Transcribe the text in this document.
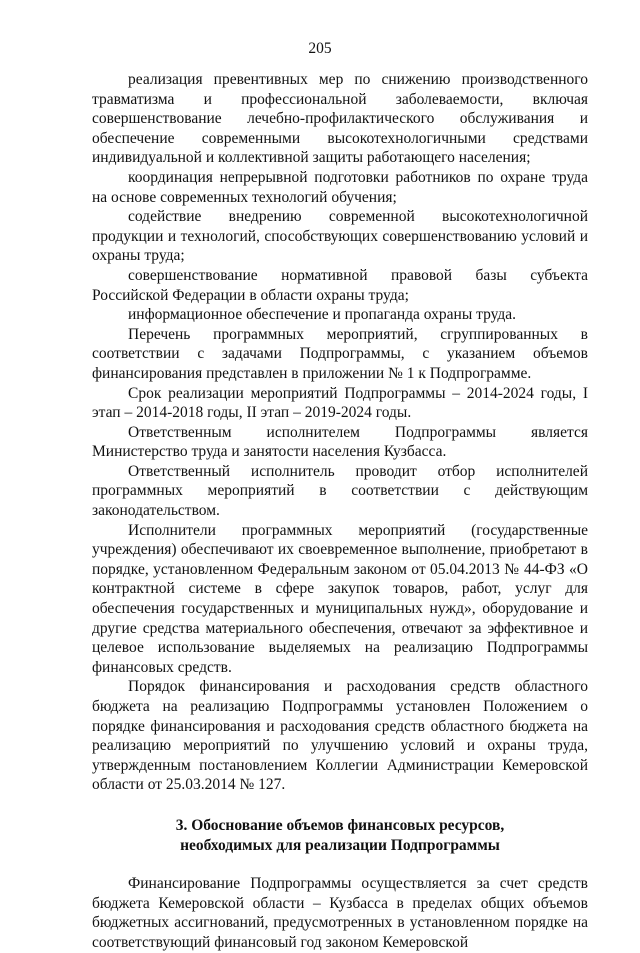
205

реализация превентивных мер по снижению производственного травматизма и профессиональной заболеваемости, включая совершенствование лечебно-профилактического обслуживания и обеспечение современными высокотехнологичными средствами индивидуальной и коллективной защиты работающего населения;

координация непрерывной подготовки работников по охране труда на основе современных технологий обучения;

содействие внедрению современной высокотехнологичной продукции и технологий, способствующих совершенствованию условий и охраны труда;

совершенствование нормативной правовой базы субъекта Российской Федерации в области охраны труда;

информационное обеспечение и пропаганда охраны труда.

Перечень программных мероприятий, сгруппированных в соответствии с задачами Подпрограммы, с указанием объемов финансирования представлен в приложении № 1 к Подпрограмме.

Срок реализации мероприятий Подпрограммы – 2014-2024 годы, I этап – 2014-2018 годы, II этап – 2019-2024 годы.

Ответственным исполнителем Подпрограммы является Министерство труда и занятости населения Кузбасса.

Ответственный исполнитель проводит отбор исполнителей программных мероприятий в соответствии с действующим законодательством.

Исполнители программных мероприятий (государственные учреждения) обеспечивают их своевременное выполнение, приобретают в порядке, установленном Федеральным законом от 05.04.2013 № 44-ФЗ «О контрактной системе в сфере закупок товаров, работ, услуг для обеспечения государственных и муниципальных нужд», оборудование и другие средства материального обеспечения, отвечают за эффективное и целевое использование выделяемых на реализацию Подпрограммы финансовых средств.

Порядок финансирования и расходования средств областного бюджета на реализацию Подпрограммы установлен Положением о порядке финансирования и расходования средств областного бюджета на реализацию мероприятий по улучшению условий и охраны труда, утвержденным постановлением Коллегии Администрации Кемеровской области от 25.03.2014 № 127.

3. Обоснование объемов финансовых ресурсов,
необходимых для реализации Подпрограммы

Финансирование Подпрограммы осуществляется за счет средств бюджета Кемеровской области – Кузбасса в пределах общих объемов бюджетных ассигнований, предусмотренных в установленном порядке на соответствующий финансовый год законом Кемеровской
